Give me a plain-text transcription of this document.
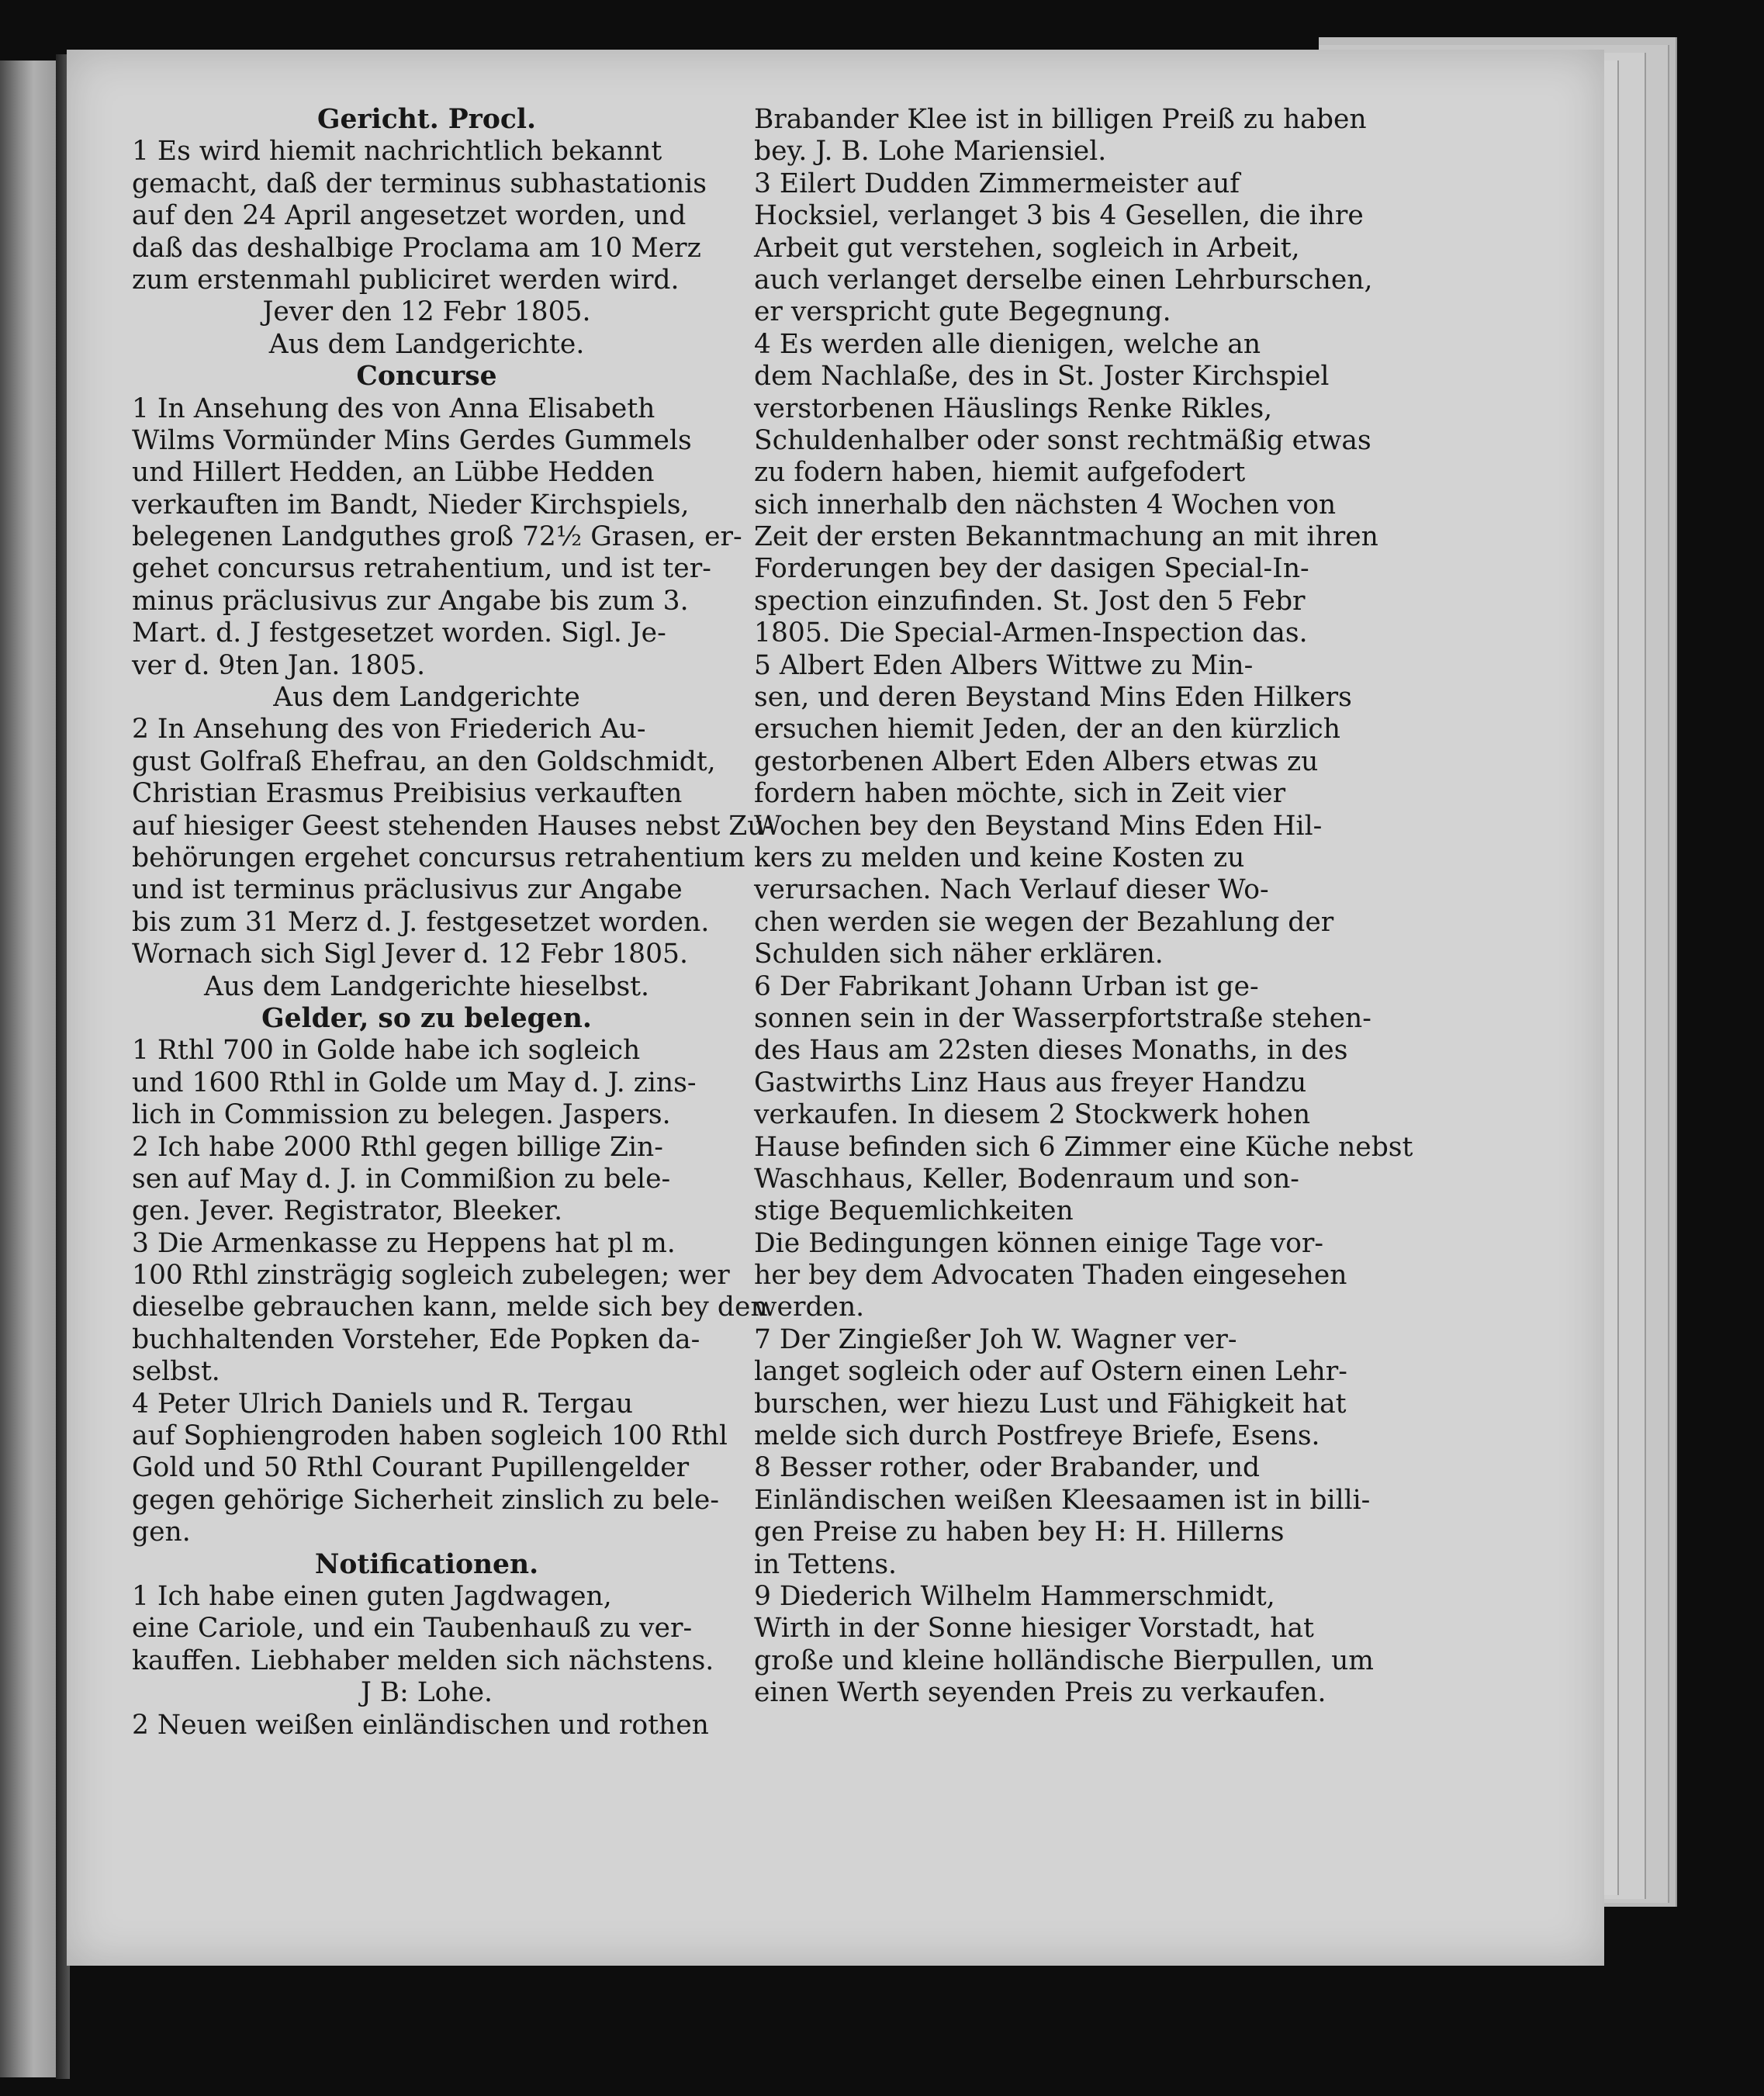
Gericht. Procl.
1 Es wird hiemit nachrichtlich bekannt
gemacht, daß der terminus subhastationis
auf den 24 April angesetzet worden, und
daß das deshalbige Proclama am 10 Merz
zum erstenmahl publiciret werden wird.
Jever den 12 Febr 1805.
Aus dem Landgerichte.
Concurse
1 In Ansehung des von Anna Elisabeth
Wilms Vormünder Mins Gerdes Gummels
und Hillert Hedden, an Lübbe Hedden
verkauften im Bandt, Nieder Kirchspiels,
belegenen Landguthes groß 72½ Grasen, er-
gehet concursus retrahentium, und ist ter-
minus präclusivus zur Angabe bis zum 3.
Mart. d. J festgesetzet worden. Sigl. Je-
ver d. 9ten Jan. 1805.
Aus dem Landgerichte
2 In Ansehung des von Friederich Au-
gust Golfraß Ehefrau, an den Goldschmidt,
Christian Erasmus Preibisius verkauften
auf hiesiger Geest stehenden Hauses nebst Zu-
behörungen ergehet concursus retrahentium
und ist terminus präclusivus zur Angabe
bis zum 31 Merz d. J. festgesetzet worden.
Wornach sich Sigl Jever d. 12 Febr 1805.
Aus dem Landgerichte hieselbst.
Gelder, so zu belegen.
1 Rthl 700 in Golde habe ich sogleich
und 1600 Rthl in Golde um May d. J. zins-
lich in Commission zu belegen. Jaspers.
2 Ich habe 2000 Rthl gegen billige Zin-
sen auf May d. J. in Commißion zu bele-
gen. Jever. Registrator, Bleeker.
3 Die Armenkasse zu Heppens hat pl m.
100 Rthl zinsträgig sogleich zubelegen; wer
dieselbe gebrauchen kann, melde sich bey den
buchhaltenden Vorsteher, Ede Popken da-
selbst.
4 Peter Ulrich Daniels und R. Tergau
auf Sophiengroden haben sogleich 100 Rthl
Gold und 50 Rthl Courant Pupillengelder
gegen gehörige Sicherheit zinslich zu bele-
gen.
Notificationen.
1 Ich habe einen guten Jagdwagen,
eine Cariole, und ein Taubenhauß zu ver-
kauffen. Liebhaber melden sich nächstens.
J B: Lohe.
2 Neuen weißen einländischen und rothen
Brabander Klee ist in billigen Preiß zu haben
bey. J. B. Lohe Mariensiel.
3 Eilert Dudden Zimmermeister auf
Hocksiel, verlanget 3 bis 4 Gesellen, die ihre
Arbeit gut verstehen, sogleich in Arbeit,
auch verlanget derselbe einen Lehrburschen,
er verspricht gute Begegnung.
4 Es werden alle dienigen, welche an
dem Nachlaße, des in St. Joster Kirchspiel
verstorbenen Häuslings Renke Rikles,
Schuldenhalber oder sonst rechtmäßig etwas
zu fodern haben, hiemit aufgefodert
sich innerhalb den nächsten 4 Wochen von
Zeit der ersten Bekanntmachung an mit ihren
Forderungen bey der dasigen Special-In-
spection einzufinden. St. Jost den 5 Febr
1805. Die Special-Armen-Inspection das.
5 Albert Eden Albers Wittwe zu Min-
sen, und deren Beystand Mins Eden Hilkers
ersuchen hiemit Jeden, der an den kürzlich
gestorbenen Albert Eden Albers etwas zu
fordern haben möchte, sich in Zeit vier
Wochen bey den Beystand Mins Eden Hil-
kers zu melden und keine Kosten zu
verursachen. Nach Verlauf dieser Wo-
chen werden sie wegen der Bezahlung der
Schulden sich näher erklären.
6 Der Fabrikant Johann Urban ist ge-
sonnen sein in der Wasserpfortstraße stehen-
des Haus am 22sten dieses Monaths, in des
Gastwirths Linz Haus aus freyer Handzu
verkaufen. In diesem 2 Stockwerk hohen
Hause befinden sich 6 Zimmer eine Küche nebst
Waschhaus, Keller, Bodenraum und son-
stige Bequemlichkeiten
Die Bedingungen können einige Tage vor-
her bey dem Advocaten Thaden eingesehen
werden.
7 Der Zingießer Joh W. Wagner ver-
langet sogleich oder auf Ostern einen Lehr-
burschen, wer hiezu Lust und Fähigkeit hat
melde sich durch Postfreye Briefe, Esens.
8 Besser rother, oder Brabander, und
Einländischen weißen Kleesaamen ist in billi-
gen Preise zu haben bey H: H. Hillerns
in Tettens.
9 Diederich Wilhelm Hammerschmidt,
Wirth in der Sonne hiesiger Vorstadt, hat
große und kleine holländische Bierpullen, um
einen Werth seyenden Preis zu verkaufen.
